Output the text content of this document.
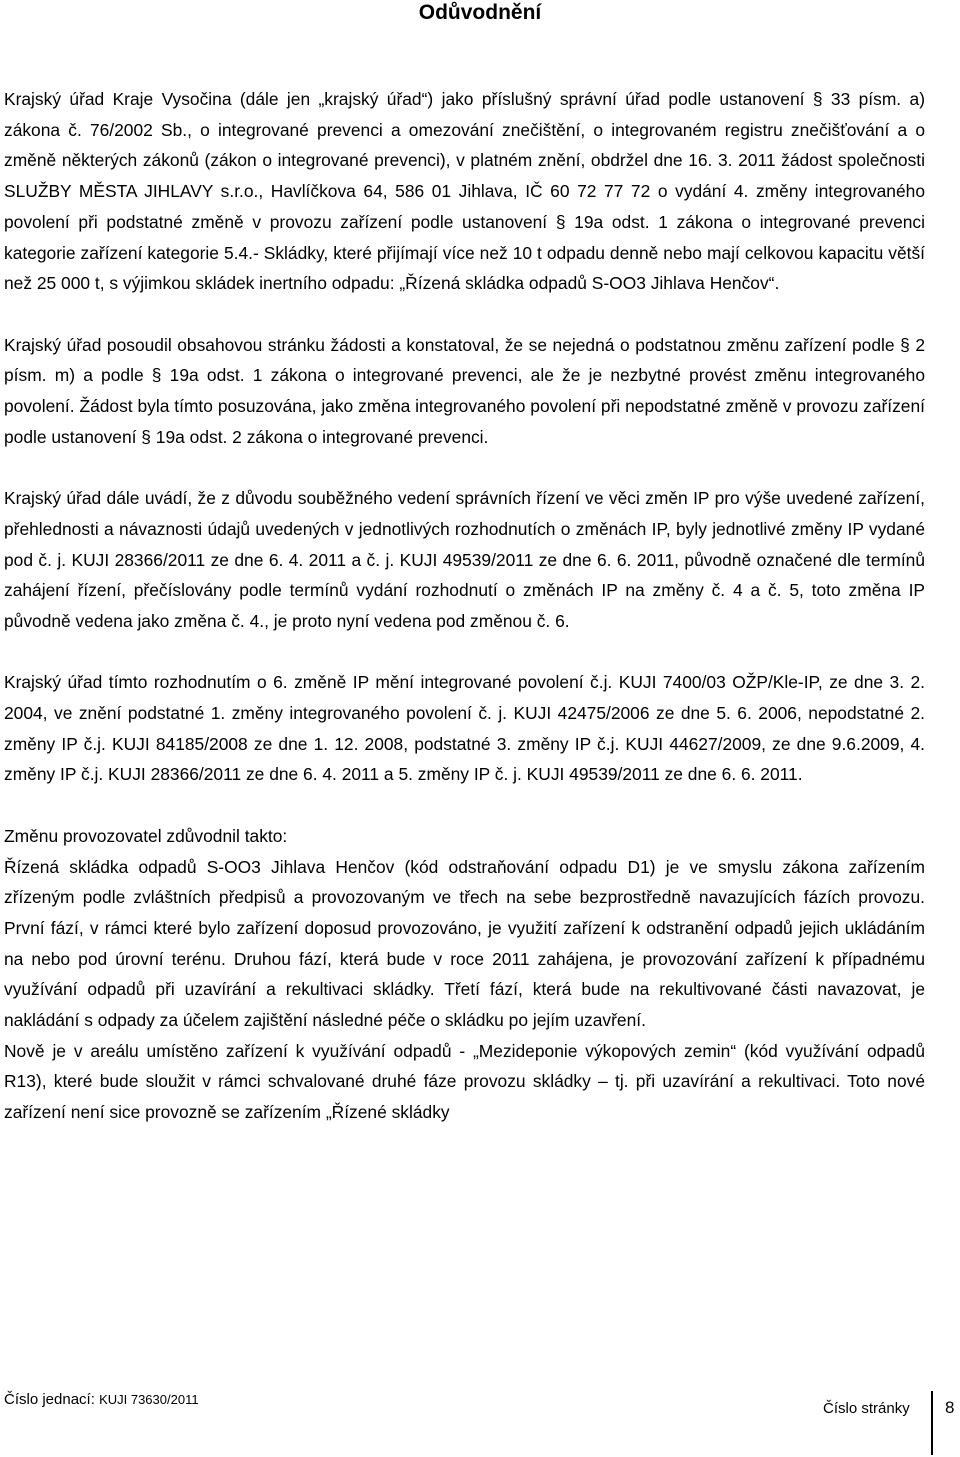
Odůvodnění

Krajský úřad Kraje Vysočina (dále jen „krajský úřad“) jako příslušný správní úřad podle ustanovení § 33 písm. a) zákona č. 76/2002 Sb., o integrované prevenci a omezování znečištění, o integrovaném registru znečišťování a o změně některých zákonů (zákon o integrované prevenci), v platném znění, obdržel dne 16. 3. 2011 žádost společnosti SLUŽBY MĚSTA JIHLAVY s.r.o., Havlíčkova 64, 586 01 Jihlava, IČ 60 72 77 72 o vydání 4. změny integrovaného povolení při podstatné změně v provozu zařízení podle ustanovení § 19a odst. 1 zákona o integrované prevenci kategorie zařízení kategorie 5.4.- Skládky, které přijímají více než 10 t odpadu denně nebo mají celkovou kapacitu větší než 25 000 t, s výjimkou skládek inertního odpadu: „Řízená skládka odpadů S-OO3 Jihlava Henčov“.

Krajský úřad posoudil obsahovou stránku žádosti a konstatoval, že se nejedná o podstatnou změnu zařízení podle § 2 písm. m) a podle § 19a odst. 1 zákona o integrované prevenci, ale že je nezbytné provést změnu integrovaného povolení. Žádost byla tímto posuzována, jako změna integrovaného povolení při nepodstatné změně v provozu zařízení podle ustanovení § 19a odst. 2 zákona o integrované prevenci.

Krajský úřad dále uvádí, že z důvodu souběžného vedení správních řízení ve věci změn IP pro výše uvedené zařízení, přehlednosti a návaznosti údajů uvedených v jednotlivých rozhodnutích o změnách IP, byly jednotlivé změny IP vydané pod č. j. KUJI 28366/2011 ze dne 6. 4. 2011 a č. j. KUJI 49539/2011 ze dne 6. 6. 2011, původně označené dle termínů zahájení řízení, přečíslovány podle termínů vydání rozhodnutí o změnách IP na změny č. 4 a č. 5, toto změna IP původně vedena jako změna č. 4., je proto nyní vedena pod změnou č. 6.

Krajský úřad tímto rozhodnutím o 6. změně IP mění integrované povolení č.j. KUJI 7400/03 OŽP/Kle-IP, ze dne 3. 2. 2004, ve znění podstatné 1. změny integrovaného povolení č. j. KUJI 42475/2006 ze dne 5. 6. 2006, nepodstatné 2. změny IP č.j. KUJI 84185/2008 ze dne 1. 12. 2008, podstatné 3. změny IP č.j. KUJI 44627/2009, ze dne 9.6.2009, 4. změny IP č.j. KUJI 28366/2011 ze dne 6. 4. 2011 a 5. změny IP č. j. KUJI 49539/2011 ze dne 6. 6. 2011.

Změnu provozovatel zdůvodnil takto:

Řízená skládka odpadů S-OO3 Jihlava Henčov (kód odstraňování odpadu D1) je ve smyslu zákona zařízením zřízeným podle zvláštních předpisů a provozovaným ve třech na sebe bezprostředně navazujících fázích provozu. První fází, v rámci které bylo zařízení doposud provozováno, je využití zařízení k odstranění odpadů jejich ukládáním na nebo pod úrovní terénu. Druhou fází, která bude v roce 2011 zahájena, je provozování zařízení k případnému využívání odpadů při uzavírání a rekultivaci skládky. Třetí fází, která bude na rekultivované části navazovat, je nakládání s odpady za účelem zajištění následné péče o skládku po jejím uzavření.

Nově je v areálu umístěno zařízení k využívání odpadů - „Mezideponie výkopových zemin“ (kód využívání odpadů R13), které bude sloužit v rámci schvalované druhé fáze provozu skládky – tj. při uzavírání a rekultivaci. Toto nové zařízení není sice provozně se zařízením „Řízené skládky

Číslo jednací: KUJI 73630/2011
Číslo stránky 8
